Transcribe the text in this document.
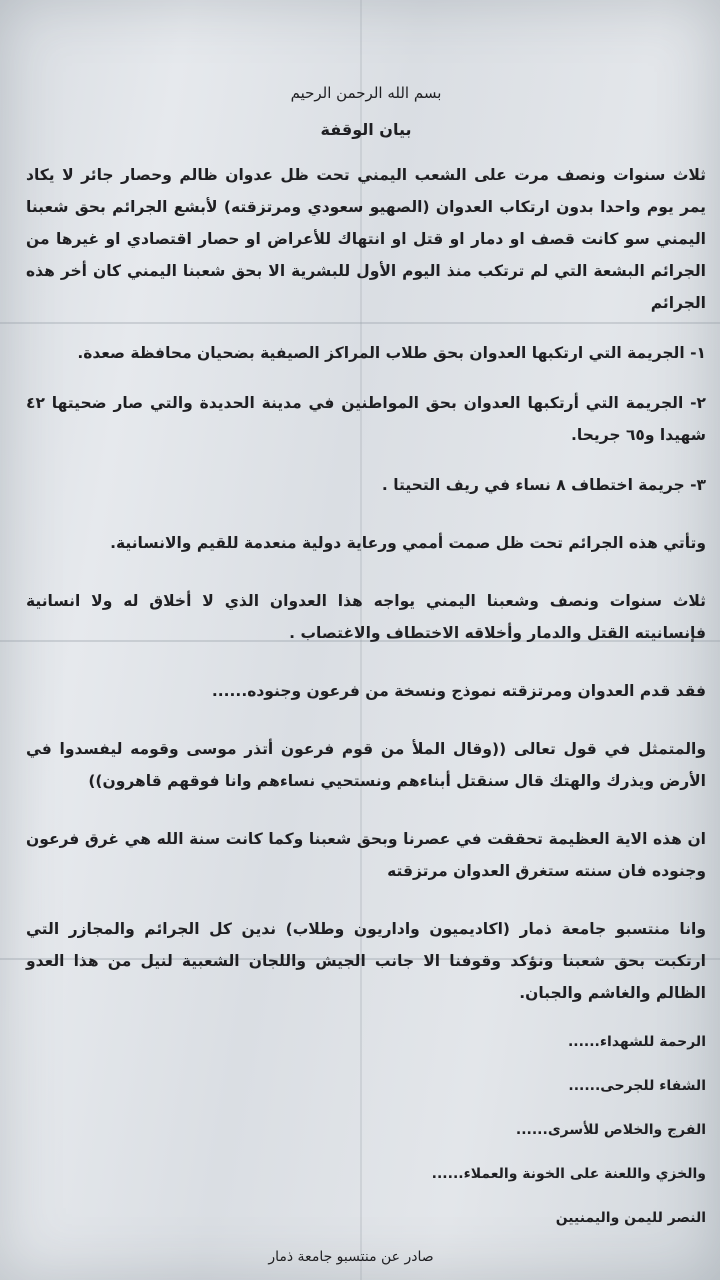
بسم الله الرحمن الرحيم
بيان الوقفة

ثلاث سنوات ونصف مرت على الشعب اليمني تحت ظل عدوان ظالم وحصار جائر لا يكاد يمر يوم واحدا بدون ارتكاب العدوان (الصهيو سعودي ومرتزقته) لأبشع الجرائم بحق شعبنا اليمني سو كانت قصف او دمار او قتل او انتهاك للأعراض او حصار اقتصادي او غيرها من الجرائم البشعة التي لم ترتكب منذ اليوم الأول للبشرية الا بحق شعبنا اليمني كان أخر هذه الجرائم

١- الجريمة التي ارتكبها العدوان بحق طلاب المراكز الصيفية بضحيان محافظة صعدة.

٢- الجريمة التي أرتكبها العدوان بحق المواطنين في مدينة الحديدة والتي صار ضحيتها ٤٢ شهيدا و٦٥ جريحا.

٣- جريمة اختطاف ٨ نساء في ريف التحيتا .

وتأتي هذه الجرائم تحت ظل صمت أممي ورعاية دولية منعدمة للقيم والانسانية.

ثلاث سنوات ونصف وشعبنا اليمني يواجه هذا العدوان الذي لا أخلاق له ولا انسانية فإنسانيته القتل والدمار وأخلاقه الاختطاف والاغتصاب .

فقد قدم العدوان ومرتزقته نموذج ونسخة من فرعون وجنوده......

والمتمثل في قول تعالى ((وقال الملأ من قوم فرعون أتذر موسى وقومه ليفسدوا في الأرض ويذرك والهتك قال سنقتل أبناءهم ونستحيي نساءهم وانا فوقهم قاهرون))

ان هذه الاية العظيمة تحققت في عصرنا وبحق شعبنا وكما كانت سنة الله هي غرق فرعون وجنوده فان سنته ستغرق العدوان مرتزقته

وانا منتسبو جامعة ذمار (اكاديميون واداريون وطلاب) ندين كل الجرائم والمجازر التي ارتكبت بحق شعبنا ونؤكد وقوفنا الا جانب الجيش واللجان الشعبية لنيل من هذا العدو الظالم والغاشم والجبان.

الرحمة للشهداء......

الشفاء للجرحى......

الفرج والخلاص للأسرى......

والخزي واللعنة على الخونة والعملاء......

النصر لليمن واليمنيين

صادر عن منتسبو جامعة ذمار
